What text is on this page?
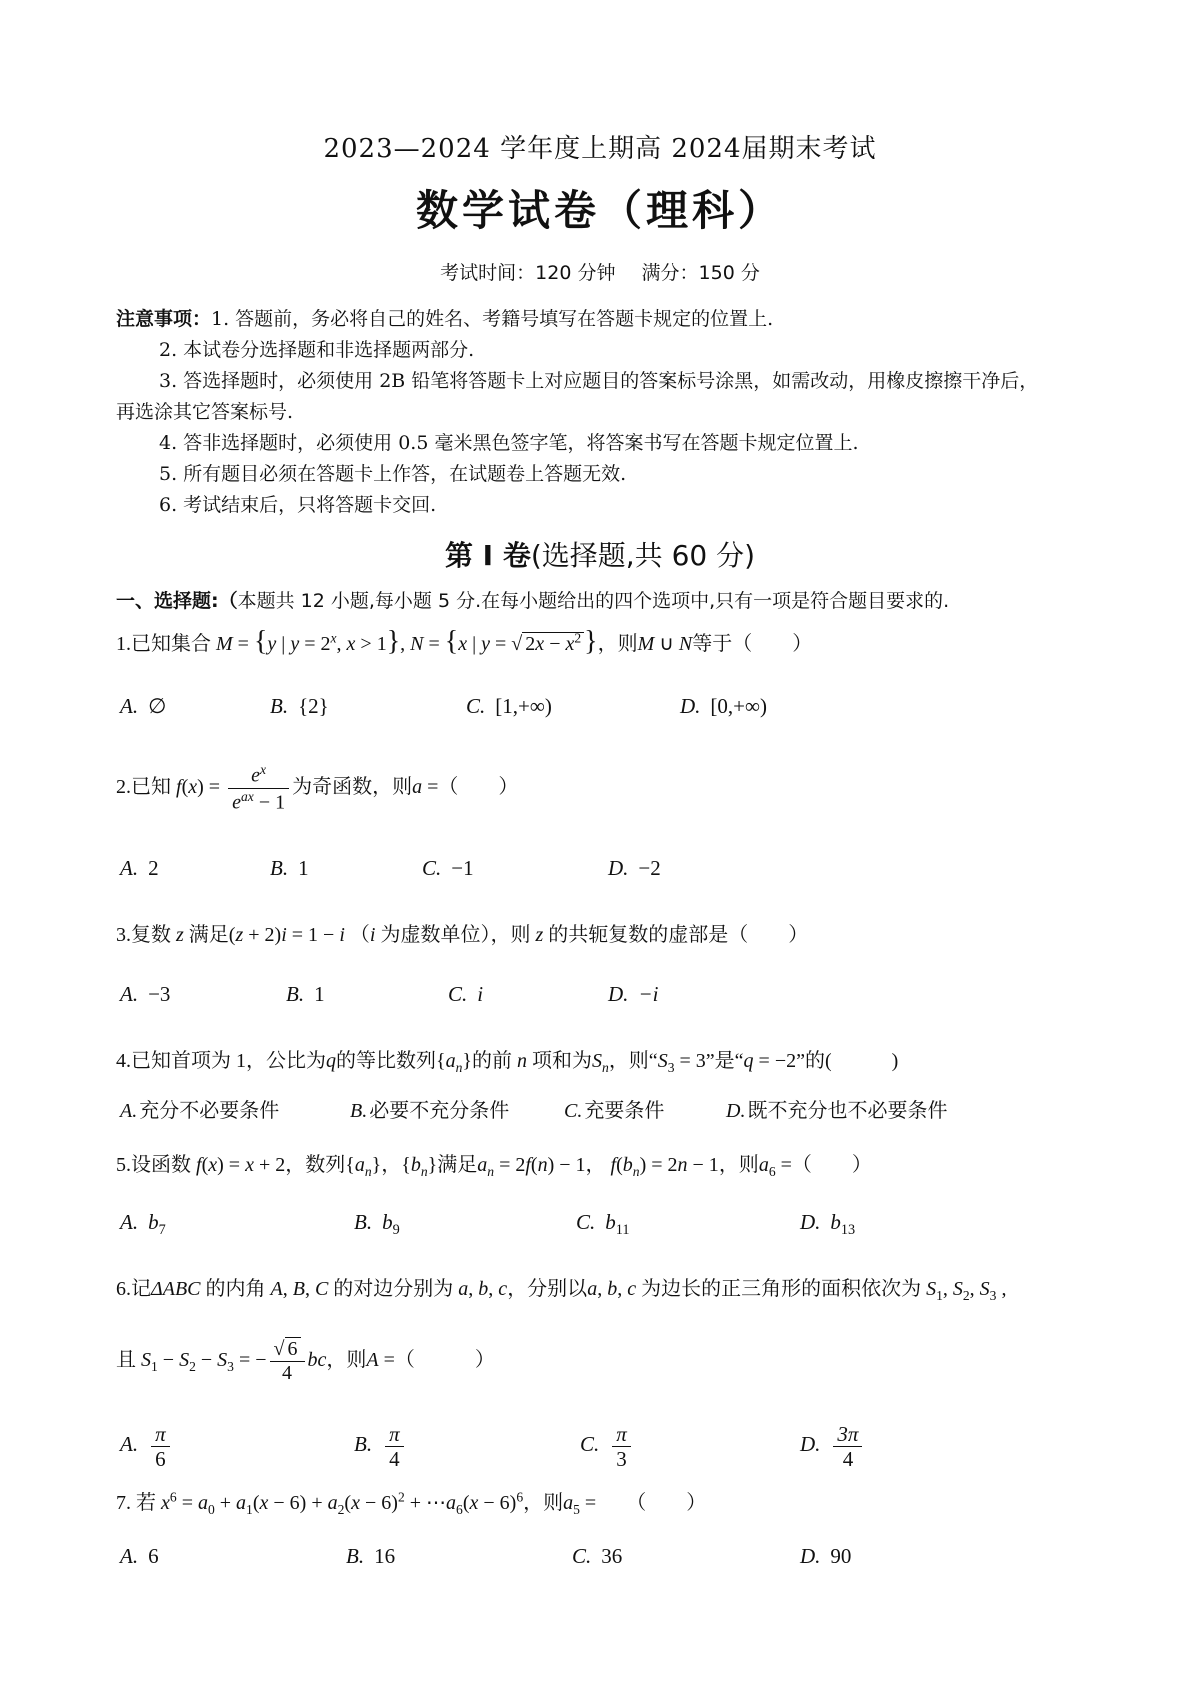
2023—2024 学年度上期高 2024届期末考试
数学试卷（理科）
考试时间：120 分钟 满分：150 分
注意事项：1. 答题前，务必将自己的姓名、考籍号填写在答题卡规定的位置上.
2. 本试卷分选择题和非选择题两部分.
3. 答选择题时，必须使用 2B 铅笔将答题卡上对应题目的答案标号涂黑，如需改动，用橡皮擦擦干净后，
再选涂其它答案标号.
4. 答非选择题时，必须使用 0.5 毫米黑色签字笔，将答案书写在答题卡规定位置上.
5. 所有题目必须在答题卡上作答，在试题卷上答题无效.
6. 考试结束后，只将答题卡交回.
第 I 卷(选择题,共 60 分)
一、选择题:（本题共 12 小题,每小题 5 分.在每小题给出的四个选项中,只有一项是符合题目要求的.
1.已知集合 M = {y | $y = 2^x$, x > 1}, N = {x | y = √ $2x - x^2$ }，则M ∪ N等于（　　）
A. ∅	B. {2}	C. [1,+∞)	D. [0,+∞)
2.已知 $f(x) = \frac{e^x}{e^{ax} - 1}$ 为奇函数，则a =（　　）
A. 2	B. 1	C. −1	D. −2
3.复数 z 满足(z + 2)i = 1 − i （i 为虚数单位），则 z 的共轭复数的虚部是（　　）
A. −3	B. 1	C. i	D. −i
4.已知首项为 1，公比为q的等比数列$\{a_n\}$的前 n 项和为$S_n$，则“$S_3 = 3$”是“q = −2”的(　　　)
A. 充分不必要条件	B. 必要不充分条件	C. 充要条件	D. 既不充分也不必要条件
5.设函数 f(x) = x + 2，数列$\{a_n\}$，$\{b_n\}$满足$a_n = 2f(n) - 1$， $f(b_n) = 2n - 1$，则$a_6$ =（　　）
A. $b_7$	B. $b_9$	C. $b_{11}$	D. $b_{13}$
6.记ΔABC 的内角 A, B, C 的对边分别为 a, b, c，分别以a, b, c 为边长的正三角形的面积依次为 $S_1$, $S_2$, $S_3$ ,
且 $S_1 - S_2 - S_3$ = − $\frac{√ 6}{4}$ bc，则A =（　　　）
A. $\frac{\pi}{6}$	B. $\frac{\pi}{4}$	C. $\frac{\pi}{3}$	D. $\frac{3\pi}{4}$
7. 若 $x^6 = a_0 + a_1(x - 6) + a_2(x - 6)^2$ + $\cdots a_6(x - 6)^6$，则$a_5$ =      （　　）
A. 6	B. 16	C. 36	D. 90
